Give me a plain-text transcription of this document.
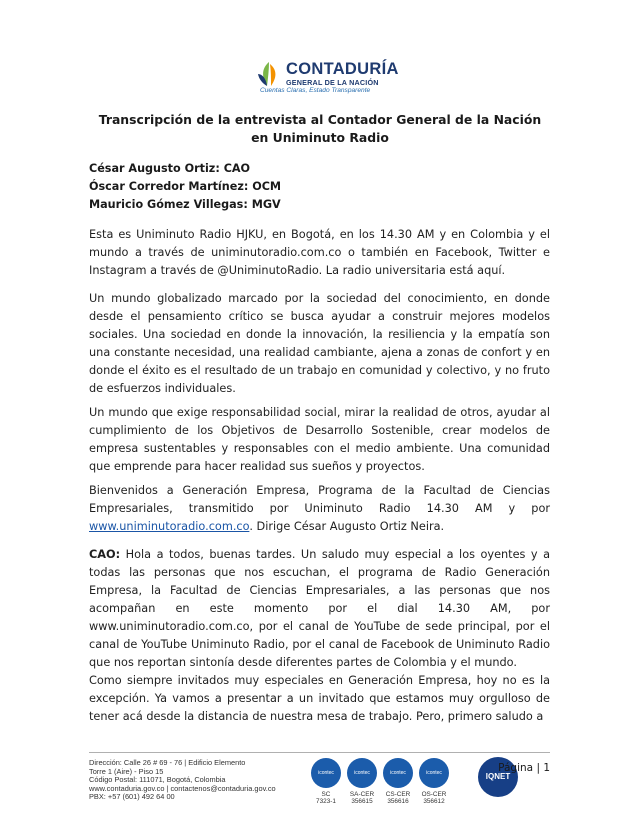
CONTADURÍA
GENERAL DE LA NACIÓN
Cuentas Claras, Estado Transparente
Transcripción de la entrevista al Contador General de la Nación
en Uniminuto Radio
César Augusto Ortiz: CAO
Óscar Corredor Martínez: OCM
Mauricio Gómez Villegas: MGV

Esta es Uniminuto Radio HJKU, en Bogotá, en los 14.30 AM y en Colombia y el mundo a través de uniminutoradio.com.co o también en Facebook, Twitter e Instagram a través de @UniminutoRadio. La radio universitaria está aquí.

Un mundo globalizado marcado por la sociedad del conocimiento, en donde desde el pensamiento crítico se busca ayudar a construir mejores modelos sociales. Una sociedad en donde la innovación, la resiliencia y la empatía son una constante necesidad, una realidad cambiante, ajena a zonas de confort y en donde el éxito es el resultado de un trabajo en comunidad y colectivo, y no fruto de esfuerzos individuales.

Un mundo que exige responsabilidad social, mirar la realidad de otros, ayudar al cumplimiento de los Objetivos de Desarrollo Sostenible, crear modelos de empresa sustentables y responsables con el medio ambiente. Una comunidad que emprende para hacer realidad sus sueños y proyectos.

Bienvenidos a Generación Empresa, Programa de la Facultad de Ciencias Empresariales, transmitido por Uniminuto Radio 14.30 AM y por www.uniminutoradio.com.co. Dirige César Augusto Ortiz Neira.

CAO: Hola a todos, buenas tardes. Un saludo muy especial a los oyentes y a todas las personas que nos escuchan, el programa de Radio Generación Empresa, la Facultad de Ciencias Empresariales, a las personas que nos acompañan en este momento por el dial 14.30 AM, por www.uniminutoradio.com.co, por el canal de YouTube de sede principal, por el canal de YouTube Uniminuto Radio, por el canal de Facebook de Uniminuto Radio que nos reportan sintonía desde diferentes partes de Colombia y el mundo.

Como siempre invitados muy especiales en Generación Empresa, hoy no es la excepción. Ya vamos a presentar a un invitado que estamos muy orgulloso de tener acá desde la distancia de nuestra mesa de trabajo. Pero, primero saludo a

Dirección: Calle 26 # 69 - 76 | Edificio Elemento
Torre 1 (Aire) - Piso 15
Código Postal: 111071, Bogotá, Colombia
www.contaduria.gov.co | contactenos@contaduria.gov.co
PBX: +57 (601) 492 64 00
icontec
SC
7323-1
icontec
SA-CER
356615
icontec
CS-CER
356616
icontec
OS-CER
356612
IQNET
Página | 1
